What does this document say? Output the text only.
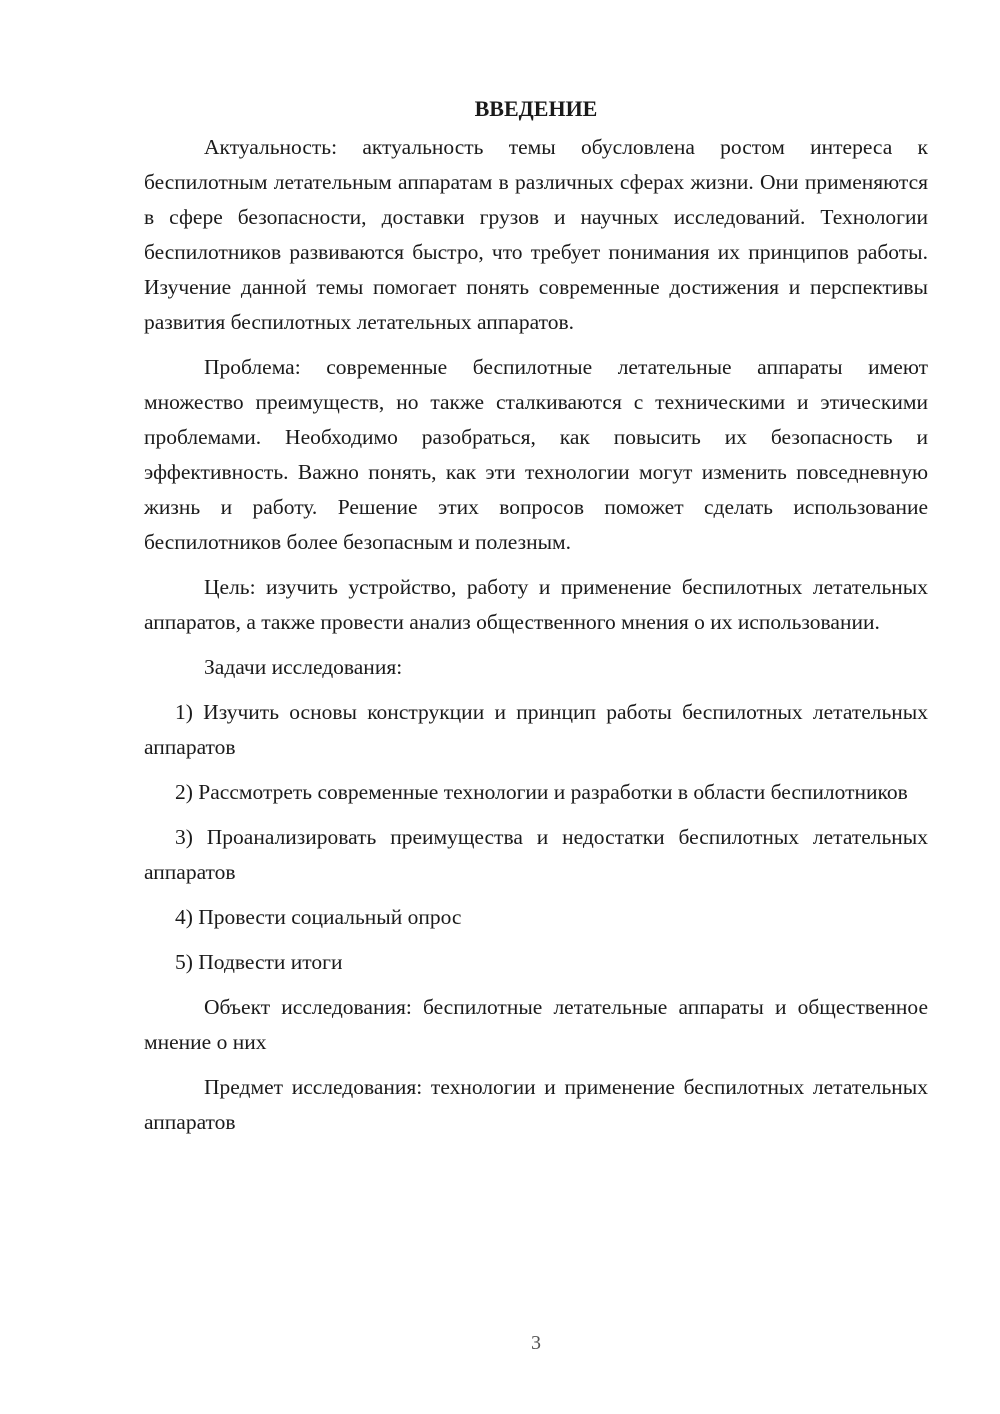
ВВЕДЕНИЕ

Актуальность: актуальность темы обусловлена ростом интереса к беспилотным летательным аппаратам в различных сферах жизни. Они применяются в сфере безопасности, доставки грузов и научных исследований. Технологии беспилотников развиваются быстро, что требует понимания их принципов работы. Изучение данной темы помогает понять современные достижения и перспективы развития беспилотных летательных аппаратов.

Проблема: современные беспилотные летательные аппараты имеют множество преимуществ, но также сталкиваются с техническими и этическими проблемами. Необходимо разобраться, как повысить их безопасность и эффективность. Важно понять, как эти технологии могут изменить повседневную жизнь и работу. Решение этих вопросов поможет сделать использование беспилотников более безопасным и полезным.

Цель: изучить устройство, работу и применение беспилотных летательных аппаратов, а также провести анализ общественного мнения о их использовании.

Задачи исследования:

1) Изучить основы конструкции и принцип работы беспилотных летательных аппаратов

2) Рассмотреть современные технологии и разработки в области беспилотников

3) Проанализировать преимущества и недостатки беспилотных летательных аппаратов

4) Провести социальный опрос

5) Подвести итоги

Объект исследования: беспилотные летательные аппараты и общественное мнение о них

Предмет исследования: технологии и применение беспилотных летательных аппаратов

3
